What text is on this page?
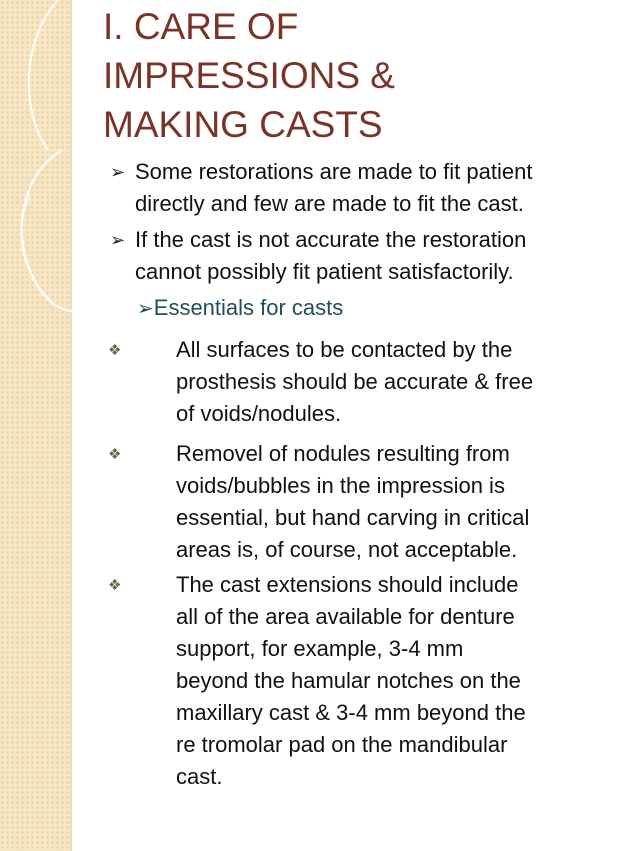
I. CARE OF
IMPRESSIONS &
MAKING CASTS
➢ Some restorations are made to fit patient
directly and few are made to fit the cast.
➢ If the cast is not accurate the restoration
cannot possibly fit patient satisfactorily.
➢Essentials for casts
❖ All surfaces to be contacted by the
prosthesis should be accurate & free
of voids/nodules.
❖ Removel of nodules resulting from
voids/bubbles in the impression is
essential, but hand carving in critical
areas is, of course, not acceptable.
❖ The cast extensions should include
all of the area available for denture
support, for example, 3-4 mm
beyond the hamular notches on the
maxillary cast & 3-4 mm beyond the
re tromolar pad on the mandibular
cast.
